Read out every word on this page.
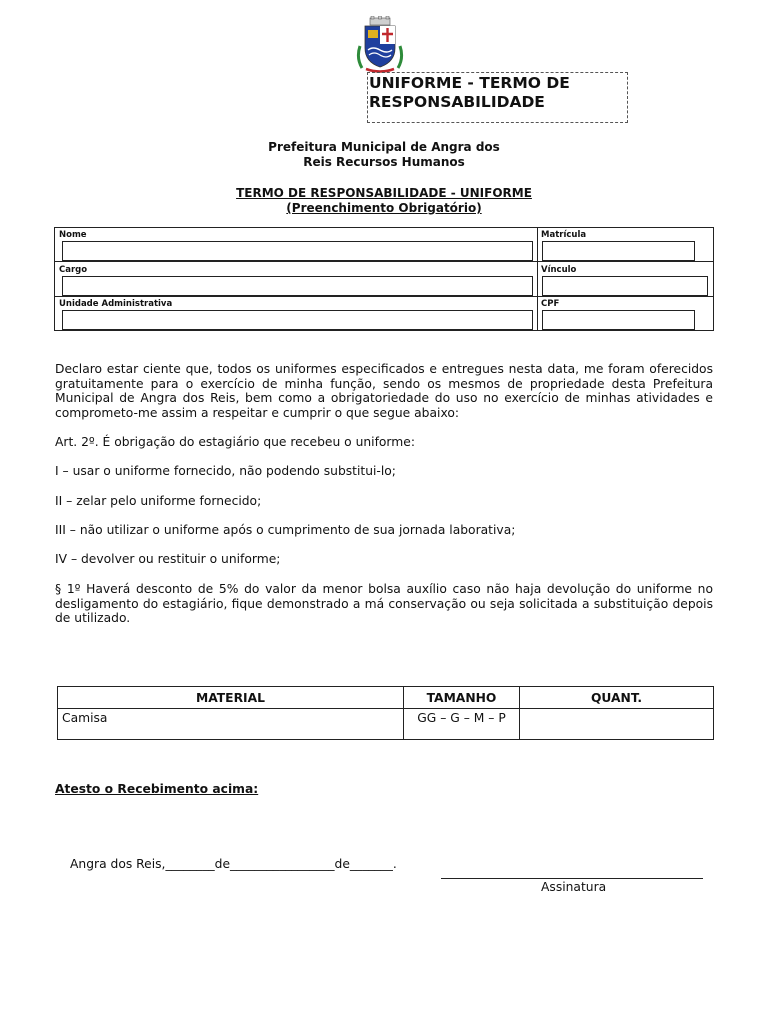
UNIFORME - TERMO DE
RESPONSABILIDADE
Prefeitura Municipal de Angra dos
Reis Recursos Humanos
TERMO DE RESPONSABILIDADE - UNIFORME
(Preenchimento Obrigatório)
Nome	Matrícula
Cargo	Vínculo
Unidade Administrativa	CPF
Declaro estar ciente que, todos os uniformes especificados e entregues nesta data, me foram oferecidos gratuitamente para o exercício de minha função, sendo os mesmos de propriedade desta Prefeitura Municipal de Angra dos Reis, bem como a obrigatoriedade do uso no exercício de minhas atividades e comprometo-me assim a respeitar e cumprir o que segue abaixo:
Art. 2º. É obrigação do estagiário que recebeu o uniforme:
I – usar o uniforme fornecido, não podendo substitui-lo;
II – zelar pelo uniforme fornecido;
III – não utilizar o uniforme após o cumprimento de sua jornada laborativa;
IV – devolver ou restituir o uniforme;
§ 1º Haverá desconto de 5% do valor da menor bolsa auxílio caso não haja devolução do uniforme no desligamento do estagiário, fique demonstrado a má conservação ou seja solicitada a substituição depois de utilizado.
MATERIAL	TAMANHO	QUANT.
Camisa	GG – G – M – P	
Atesto o Recebimento acima:
Angra dos Reis,________de_________________de_______.
Assinatura
